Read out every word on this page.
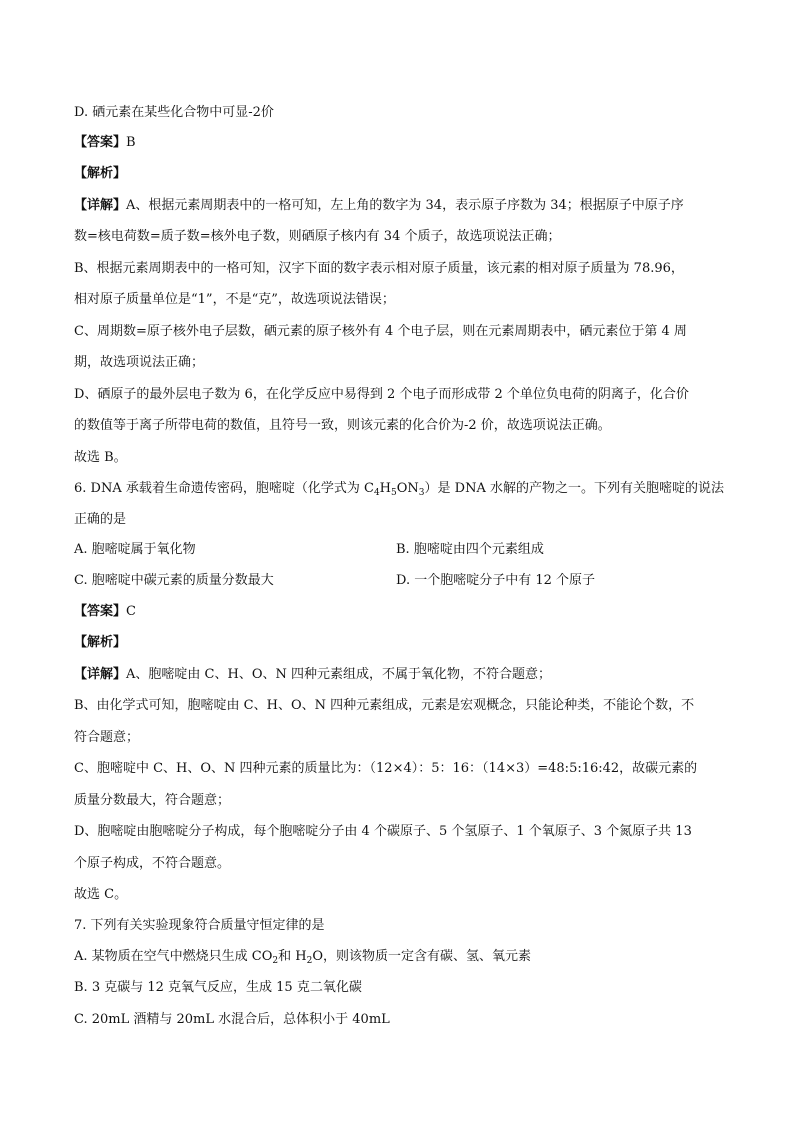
D. 硒元素在某些化合物中可显-2价
【答案】B
【解析】
【详解】A、根据元素周期表中的一格可知，左上角的数字为 34，表示原子序数为 34；根据原子中原子序
数=核电荷数=质子数=核外电子数，则硒原子核内有 34 个质子，故选项说法正确；
B、根据元素周期表中的一格可知，汉字下面的数字表示相对原子质量，该元素的相对原子质量为 78.96，
相对原子质量单位是“1”，不是“克”，故选项说法错误；
C、周期数=原子核外电子层数，硒元素的原子核外有 4 个电子层，则在元素周期表中，硒元素位于第 4 周
期，故选项说法正确；
D、硒原子的最外层电子数为 6，在化学反应中易得到 2 个电子而形成带 2 个单位负电荷的阴离子，化合价
的数值等于离子所带电荷的数值，且符号一致，则该元素的化合价为-2 价，故选项说法正确。
故选 B。
6. DNA 承载着生命遗传密码，胞嘧啶（化学式为 $C_4H_5ON_3$）是 DNA 水解的产物之一。下列有关胞嘧啶的说法
正确的是
A. 胞嘧啶属于氧化物	B. 胞嘧啶由四个元素组成
C. 胞嘧啶中碳元素的质量分数最大	D. 一个胞嘧啶分子中有 12 个原子
【答案】C
【解析】
【详解】A、胞嘧啶由 C、H、O、N 四种元素组成，不属于氧化物，不符合题意；
B、由化学式可知，胞嘧啶由 C、H、O、N 四种元素组成，元素是宏观概念，只能论种类，不能论个数，不
符合题意；
C、胞嘧啶中 C、H、O、N 四种元素的质量比为：（12×4）：5：16：（14×3）=48:5:16:42，故碳元素的
质量分数最大，符合题意；
D、胞嘧啶由胞嘧啶分子构成，每个胞嘧啶分子由 4 个碳原子、5 个氢原子、1 个氧原子、3 个氮原子共 13
个原子构成，不符合题意。
故选 C。
7. 下列有关实验现象符合质量守恒定律的是
A. 某物质在空气中燃烧只生成 $CO_2$和 $H_2O$，则该物质一定含有碳、氢、氧元素
B. 3 克碳与 12 克氧气反应，生成 15 克二氧化碳
C. 20mL 酒精与 20mL 水混合后，总体积小于 40mL
